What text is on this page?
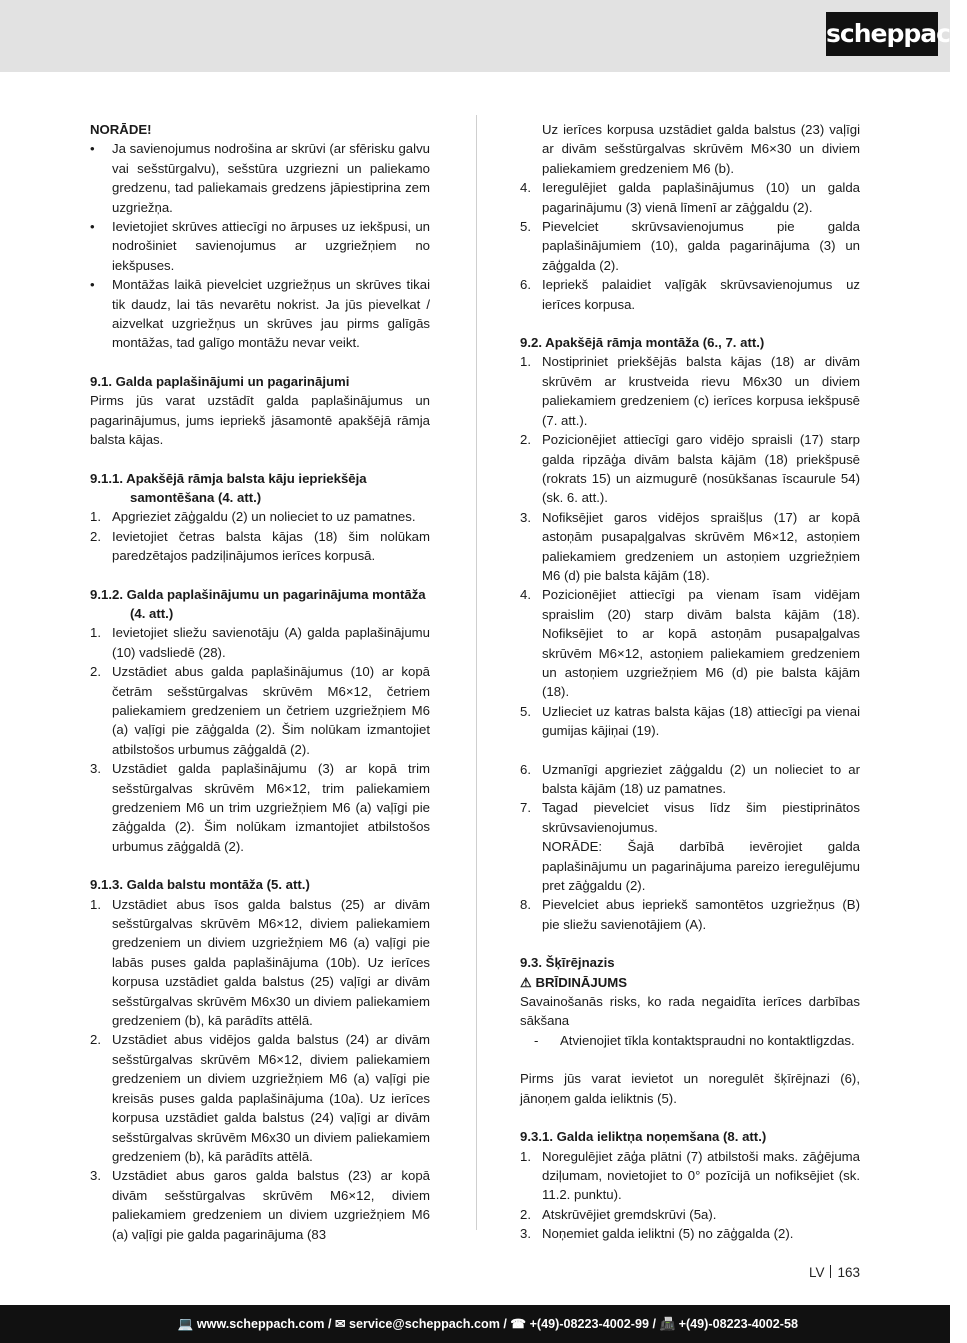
scheppach
NORĀDE!
• Ja savienojumus nodrošina ar skrūvi (ar sfērisku galvu vai sešstūrgalvu), sešstūra uzgriezni un paliekamo gredzenu, tad paliekamais gredzens jāpiestiprina zem uzgriežņa.
• Ievietojiet skrūves attiecīgi no ārpuses uz iekšpusi, un nodrošiniet savienojumus ar uzgriežņiem no iekšpuses.
• Montāžas laikā pievelciet uzgriežņus un skrūves tikai tik daudz, lai tās nevarētu nokrist. Ja jūs pievelkat / aizvelkat uzgriežņus un skrūves jau pirms galīgās montāžas, tad galīgo montāžu nevar veikt.
9.1. Galda paplašinājumi un pagarinājumi
Pirms jūs varat uzstādīt galda paplašinājumus un pagarinājumus, jums iepriekš jāsamontē apakšējā rāmja balsta kājas.
9.1.1. Apakšējā rāmja balsta kāju iepriekšēja samontēšana (4. att.)
1. Apgrieziet zāģgaldu (2) un nolieciet to uz pamatnes.
2. Ievietojiet četras balsta kājas (18) šim nolūkam paredzētajos padziļinājumos ierīces korpusā.
9.1.2. Galda paplašinājumu un pagarinājuma montāža (4. att.)
1. Ievietojiet sliežu savienotāju (A) galda paplašinājumu (10) vadsliedē (28).
2. Uzstādiet abus galda paplašinājumus (10) ar kopā četrām sešstūrgalvas skrūvēm M6×12, četriem paliekamiem gredzeniem un četriem uzgriežņiem M6 (a) vaļīgi pie zāģgalda (2). Šim nolūkam izmantojiet atbilstošos urbumus zāģgaldā (2).
3. Uzstādiet galda paplašinājumu (3) ar kopā trim sešstūrgalvas skrūvēm M6×12, trim paliekamiem gredzeniem M6 un trim uzgriežņiem M6 (a) vaļīgi pie zāģgalda (2). Šim nolūkam izmantojiet atbilstošos urbumus zāģgaldā (2).
9.1.3. Galda balstu montāža (5. att.)
1. Uzstādiet abus īsos galda balstus (25) ar divām sešstūrgalvas skrūvēm M6×12, diviem paliekamiem gredzeniem un diviem uzgriežņiem M6 (a) vaļīgi pie labās puses galda paplašinājuma (10b). Uz ierīces korpusa uzstādiet galda balstus (25) vaļīgi ar divām sešstūrgalvas skrūvēm M6x30 un diviem paliekamiem gredzeniem (b), kā parādīts attēlā.
2. Uzstādiet abus vidējos galda balstus (24) ar divām sešstūrgalvas skrūvēm M6×12, diviem paliekamiem gredzeniem un diviem uzgriežņiem M6 (a) vaļīgi pie kreisās puses galda paplašinājuma (10a). Uz ierīces korpusa uzstādiet galda balstus (24) vaļīgi ar divām sešstūrgalvas skrūvēm M6x30 un diviem paliekamiem gredzeniem (b), kā parādīts attēlā.
3. Uzstādiet abus garos galda balstus (23) ar kopā divām sešstūrgalvas skrūvēm M6×12, diviem paliekamiem gredzeniem un diviem uzgriežņiem M6 (a) vaļīgi pie galda pagarinājuma (83
Uz ierīces korpusa uzstādiet galda balstus (23) vaļīgi ar divām sešstūrgalvas skrūvēm M6×30 un diviem paliekamiem gredzeniem M6 (b).
4. Ieregulējiet galda paplašinājumus (10) un galda pagarinājumu (3) vienā līmenī ar zāģgaldu (2).
5. Pievelciet skrūvsavienojumus pie galda paplašinājumiem (10), galda pagarinājuma (3) un zāģgalda (2).
6. Iepriekš palaidiet vaļīgāk skrūvsavienojumus uz ierīces korpusa.
9.2. Apakšējā rāmja montāža (6., 7. att.)
1. Nostipriniet priekšējās balsta kājas (18) ar divām skrūvēm ar krustveida rievu M6x30 un diviem paliekamiem gredzeniem (c) ierīces korpusa iekšpusē (7. att.).
2. Pozicionējiet attiecīgi garo vidējo spraisli (17) starp galda ripzāģa divām balsta kājām (18) priekšpusē (rokrats 15) un aizmugurē (nosūkšanas īscaurule 54) (sk. 6. att.).
3. Nofiksējiet garos vidējos spraišļus (17) ar kopā astoņām pusapaļgalvas skrūvēm M6×12, astoņiem paliekamiem gredzeniem un astoņiem uzgriežņiem M6 (d) pie balsta kājām (18).
4. Pozicionējiet attiecīgi pa vienam īsam vidējam spraislim (20) starp divām balsta kājām (18). Nofiksējiet to ar kopā astoņām pusapaļgalvas skrūvēm M6×12, astoņiem paliekamiem gredzeniem un astoņiem uzgriežņiem M6 (d) pie balsta kājām (18).
5. Uzlieciet uz katras balsta kājas (18) attiecīgi pa vienai gumijas kājiņai (19).
6. Uzmanīgi apgrieziet zāģgaldu (2) un nolieciet to ar balsta kājām (18) uz pamatnes.
7. Tagad pievelciet visus līdz šim piestiprinātos skrūvsavienojumus.
NORĀDE: Šajā darbībā ievērojiet galda paplašinājumu un pagarinājuma pareizo ieregulējumu pret zāģgaldu (2).
8. Pievelciet abus iepriekš samontētos uzgriežņus (B) pie sliežu savienotājiem (A).
9.3. Šķīrējnazis
⚠ BRĪDINĀJUMS
Savainošanās risks, ko rada negaidīta ierīces darbības sākšana
- Atvienojiet tīkla kontaktspraudni no kontaktligzdas.
Pirms jūs varat ievietot un noregulēt šķīrējnazi (6), jānoņem galda ieliktnis (5).
9.3.1. Galda ieliktņa noņemšana (8. att.)
1. Noregulējiet zāģa plātni (7) atbilstoši maks. zāģējuma dziļumam, novietojiet to 0° pozīcijā un nofiksējiet (sk. 11.2. punktu).
2. Atskrūvējiet gremdskrūvi (5a).
3. Noņemiet galda ieliktni (5) no zāģgalda (2).
LV 163
💻 www.scheppach.com / ✉ service@scheppach.com / ☎ +(49)-08223-4002-99 / 📠 +(49)-08223-4002-58
